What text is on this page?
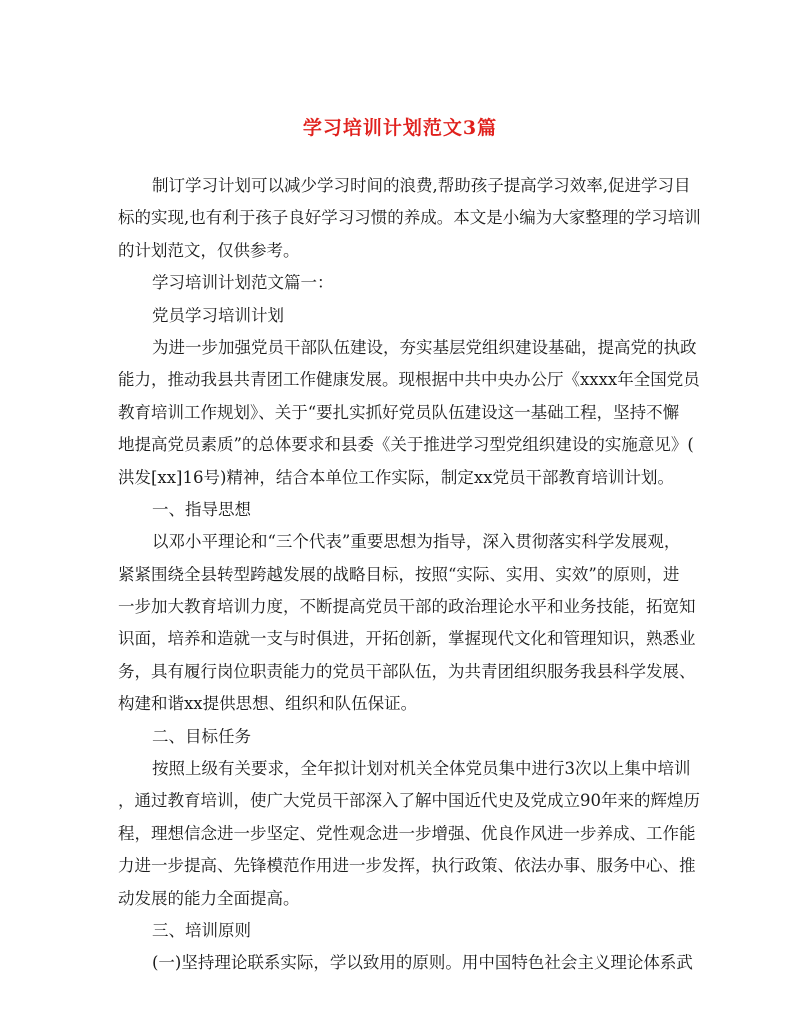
学习培训计划范文3篇
制订学习计划可以减少学习时间的浪费,帮助孩子提高学习效率,促进学习目
标的实现,也有利于孩子良好学习习惯的养成。本文是小编为大家整理的学习培训
的计划范文，仅供参考。
学习培训计划范文篇一：
党员学习培训计划
为进一步加强党员干部队伍建设，夯实基层党组织建设基础，提高党的执政
能力，推动我县共青团工作健康发展。现根据中共中央办公厅《xxxx年全国党员
教育培训工作规划》、关于“要扎实抓好党员队伍建设这一基础工程，坚持不懈
地提高党员素质”的总体要求和县委《关于推进学习型党组织建设的实施意见》(
洪发[xx]16号)精神，结合本单位工作实际，制定xx党员干部教育培训计划。
一、指导思想
以邓小平理论和“三个代表”重要思想为指导，深入贯彻落实科学发展观，
紧紧围绕全县转型跨越发展的战略目标，按照“实际、实用、实效”的原则，进
一步加大教育培训力度，不断提高党员干部的政治理论水平和业务技能，拓宽知
识面，培养和造就一支与时俱进，开拓创新，掌握现代文化和管理知识，熟悉业
务，具有履行岗位职责能力的党员干部队伍，为共青团组织服务我县科学发展、
构建和谐xx提供思想、组织和队伍保证。
二、目标任务
按照上级有关要求，全年拟计划对机关全体党员集中进行3次以上集中培训
，通过教育培训，使广大党员干部深入了解中国近代史及党成立90年来的辉煌历
程，理想信念进一步坚定、党性观念进一步增强、优良作风进一步养成、工作能
力进一步提高、先锋模范作用进一步发挥，执行政策、依法办事、服务中心、推
动发展的能力全面提高。
三、培训原则
(一)坚持理论联系实际，学以致用的原则。用中国特色社会主义理论体系武
